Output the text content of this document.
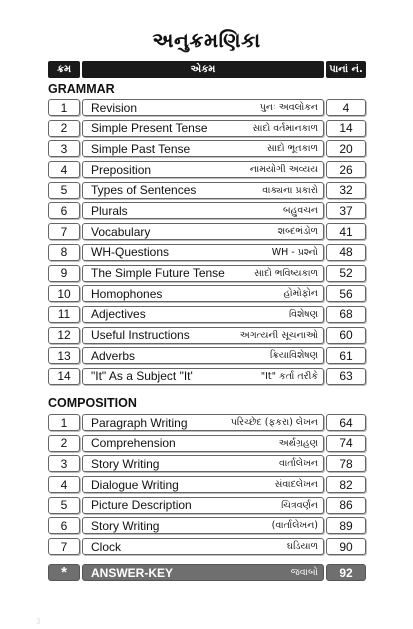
અનુક્રમણિકા
ક્રમ	એકમ	પાનાં નં.
GRAMMAR
1	Revision	પુનઃ અવલોકન	4
2	Simple Present Tense	સાદો વર્તમાનકાળ	14
3	Simple Past Tense	સાદો ભૂતકાળ	20
4	Preposition	નામયોગી અવ્યય	26
5	Types of Sentences	વાક્યના પ્રકારો	32
6	Plurals	બહુવચન	37
7	Vocabulary	શબ્દભંડોળ	41
8	WH-Questions	WH - પ્રશ્નો	48
9	The Simple Future Tense	સાદો ભવિષ્યકાળ	52
10	Homophones	હોમોફોન	56
11	Adjectives	વિશેષણ	68
12	Useful Instructions	અગત્યની સૂચનાઓ	60
13	Adverbs	ક્રિયાવિશેષણ	61
14	"It" As a Subject "It'	"It" કર્તા તરીકે	63
COMPOSITION
1	Paragraph Writing	પરિચ્છેદ (ફકરા) લેખન	64
2	Comprehension	અર્થગ્રહણ	74
3	Story Writing	વાર્તાલેખન	78
4	Dialogue Writing	સંવાદલેખન	82
5	Picture Description	ચિત્રવર્ણન	86
6	Story Writing	(વાર્તાલેખન)	89
7	Clock	ઘડિયાળ	90
*	ANSWER-KEY	જવાબો	92
3
